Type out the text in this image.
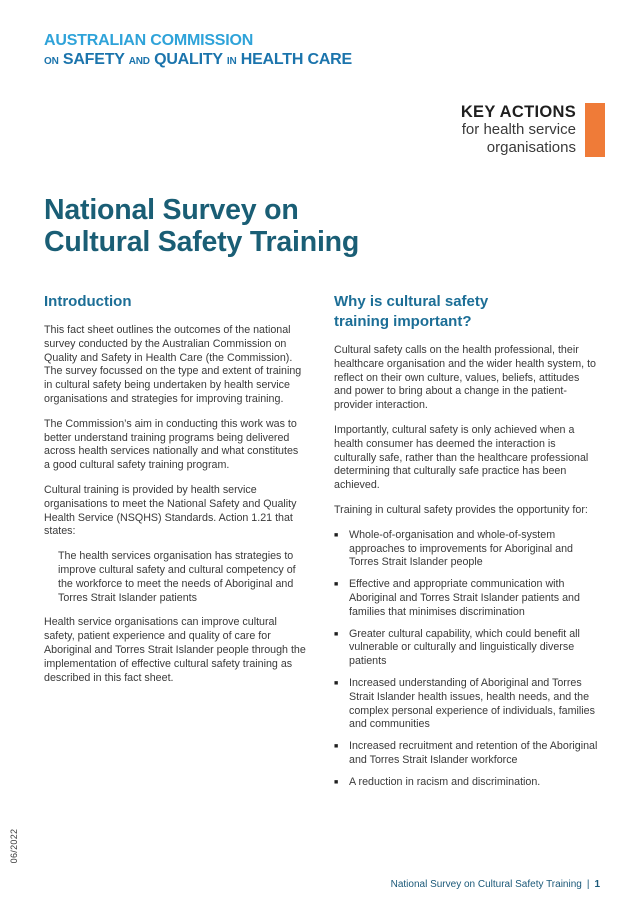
AUSTRALIAN COMMISSION
ON SAFETY AND QUALITY IN HEALTH CARE
KEY ACTIONS
for health service
organisations
National Survey on
Cultural Safety Training
Introduction

This fact sheet outlines the outcomes of the national survey conducted by the Australian Commission on Quality and Safety in Health Care (the Commission). The survey focussed on the type and extent of training in cultural safety being undertaken by health service organisations and strategies for improving training.

The Commission’s aim in conducting this work was to better understand training programs being delivered across health services nationally and what constitutes a good cultural safety training program.

Cultural training is provided by health service organisations to meet the National Safety and Quality Health Service (NSQHS) Standards. Action 1.21 that states:

The health services organisation has strategies to improve cultural safety and cultural competency of the workforce to meet the needs of Aboriginal and Torres Strait Islander patients

Health service organisations can improve cultural safety, patient experience and quality of care for Aboriginal and Torres Strait Islander people through the implementation of effective cultural safety training as described in this fact sheet.

Why is cultural safety
training important?

Cultural safety calls on the health professional, their healthcare organisation and the wider health system, to reflect on their own culture, values, beliefs, attitudes and power to bring about a change in the patient-provider interaction.

Importantly, cultural safety is only achieved when a health consumer has deemed the interaction is culturally safe, rather than the healthcare professional determining that culturally safe practice has been achieved.

Training in cultural safety provides the opportunity for:

■	Whole-of-organisation and whole-of-system approaches to improvements for Aboriginal and Torres Strait Islander people
■	Effective and appropriate communication with Aboriginal and Torres Strait Islander patients and families that minimises discrimination
■	Greater cultural capability, which could benefit all vulnerable or culturally and linguistically diverse patients
■	Increased understanding of Aboriginal and Torres Strait Islander health issues, health needs, and the complex personal experience of individuals, families and communities
■	Increased recruitment and retention of the Aboriginal and Torres Strait Islander workforce
■	A reduction in racism and discrimination.
06/2022
National Survey on Cultural Safety Training | 1
